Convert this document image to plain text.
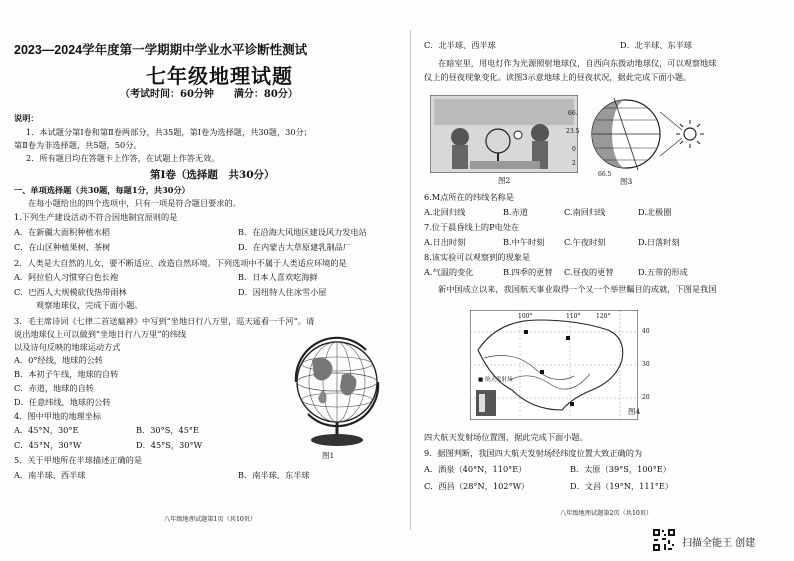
2023—2024学年度第一学期期中学业水平诊断性测试
七年级地理试题
（考试时间：60分钟　　满分：80分）
说明：
1．本试题分第Ⅰ卷和第Ⅱ卷两部分，共35题，第Ⅰ卷为选择题，共30题，30分；
第Ⅱ卷为非选择题，共5题，50分。
2．所有题目均在答题卡上作答，在试题上作答无效。
第Ⅰ卷（选择题　共30分）
一、单项选择题（共30题，每题1分，共30分）
在每小题给出的四个选项中，只有一项是符合题目要求的。
1.下列生产建设活动不符合因地制宜原则的是
A．在新疆大面积种植水稻	B．在沿海大风地区建设风力发电站
C．在山区种植果树、茶树	D．在内蒙古大草原建乳制品厂
2．人类是大自然的儿女，要不断适应、改造自然环境。下列选项中不属于人类适应环境的是
A．阿拉伯人习惯穿白色长袍	B．日本人喜欢吃海鲜
C．巴西人大规模砍伐热带雨林	D．因纽特人住冰雪小屋
观察地球仪，完成下面小题。
3．毛主席诗词《七律二首送瘟神》中写到“坐地日行八万里，巡天遥看一千河”。请
说出地球仪上可以做到“坐地日行八万里”的纬线
以及诗句反映的地球运动方式
A．0°经线，地球的公转
B．本初子午线，地球的自转
C．赤道，地球的自转
D．任意纬线，地球的公转
4．图中甲地的地理坐标
A．45°N，30°E	B．30°S，45°E
C．45°N，30°W	D．45°S，30°W
5．关于甲地所在半球描述正确的是
A．南半球、西半球	B．南半球、东半球
图1
八年级地理试题第1页（共10页）
C．北半球、西半球	D．北半球、东半球
在暗室里，用电灯作为光源照射地球仪，自西向东拨动地球仪，可以观察地球
仪上的昼夜现象变化。读图3示意地球上的昼夜状况，据此完成下面小题。
图2
66.
23.5
0
2
66.5
图3
6.M点所在的纬线名称是
A.北回归线	B.赤道	C.南回归线	D.北极圈
7.位于晨昏线上的P电处在
A.日出时刻	B.中午时刻 C.午夜时刻	D.日落时刻
8.该实验可以观察到的现象是
A.气温的变化	B.四季的更替 C.昼夜的更替	D.五带的形成
新中国成立以来，我国航天事业取得一个又一个举世瞩目的成就，下图是我国
100°	110°	120°
40
30
20
■ 航天发射场
图4
四大航天发射场位置图，据此完成下面小题。
9．据图判断，我国四大航天发射场经纬度位置大致正确的为
A．酒泉（40°N，110°E）	B．太原（39°S，100°E）
C．西昌（28°N，102°W）	D．文昌（19°N，111°E）
八年级地理试题第2页（共10页）
扫描全能王 创建
